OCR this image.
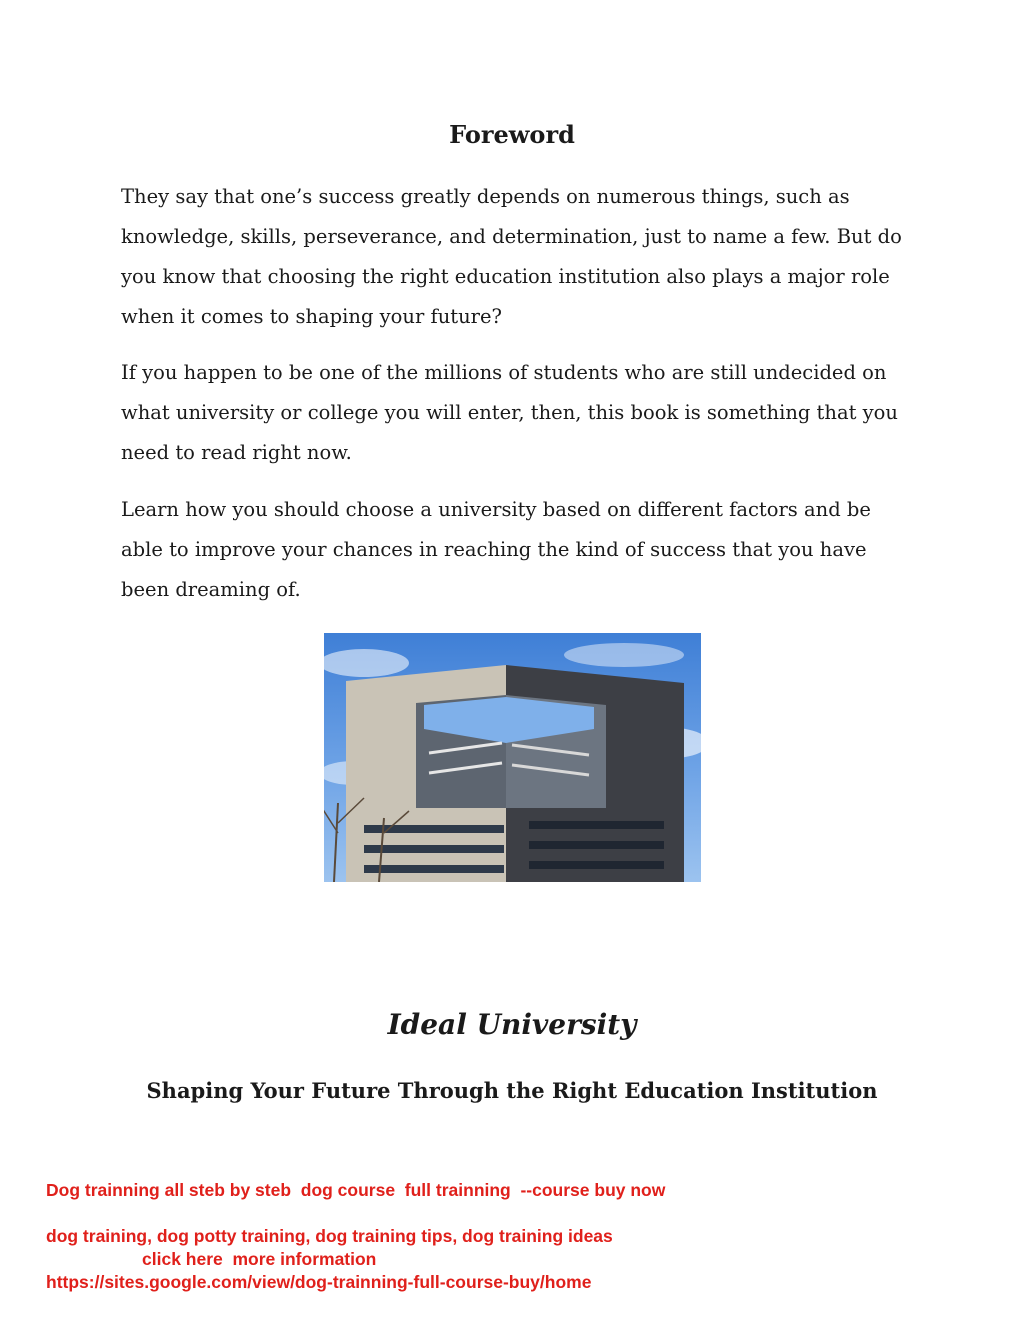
Foreword

They say that one’s success greatly depends on numerous things, such as knowledge, skills, perseverance, and determination, just to name a few. But do you know that choosing the right education institution also plays a major role when it comes to shaping your future?

If you happen to be one of the millions of students who are still undecided on what university or college you will enter, then, this book is something that you need to read right now.

Learn how you should choose a university based on different factors and be able to improve your chances in reaching the kind of success that you have been dreaming of.

Ideal University
Shaping Your Future Through the Right Education Institution

Dog trainning all steb by steb  dog course  full trainning  --course buy now

dog training, dog potty training, dog training tips, dog training ideas

click here  more information

https://sites.google.com/view/dog-trainning-full-course-buy/home
